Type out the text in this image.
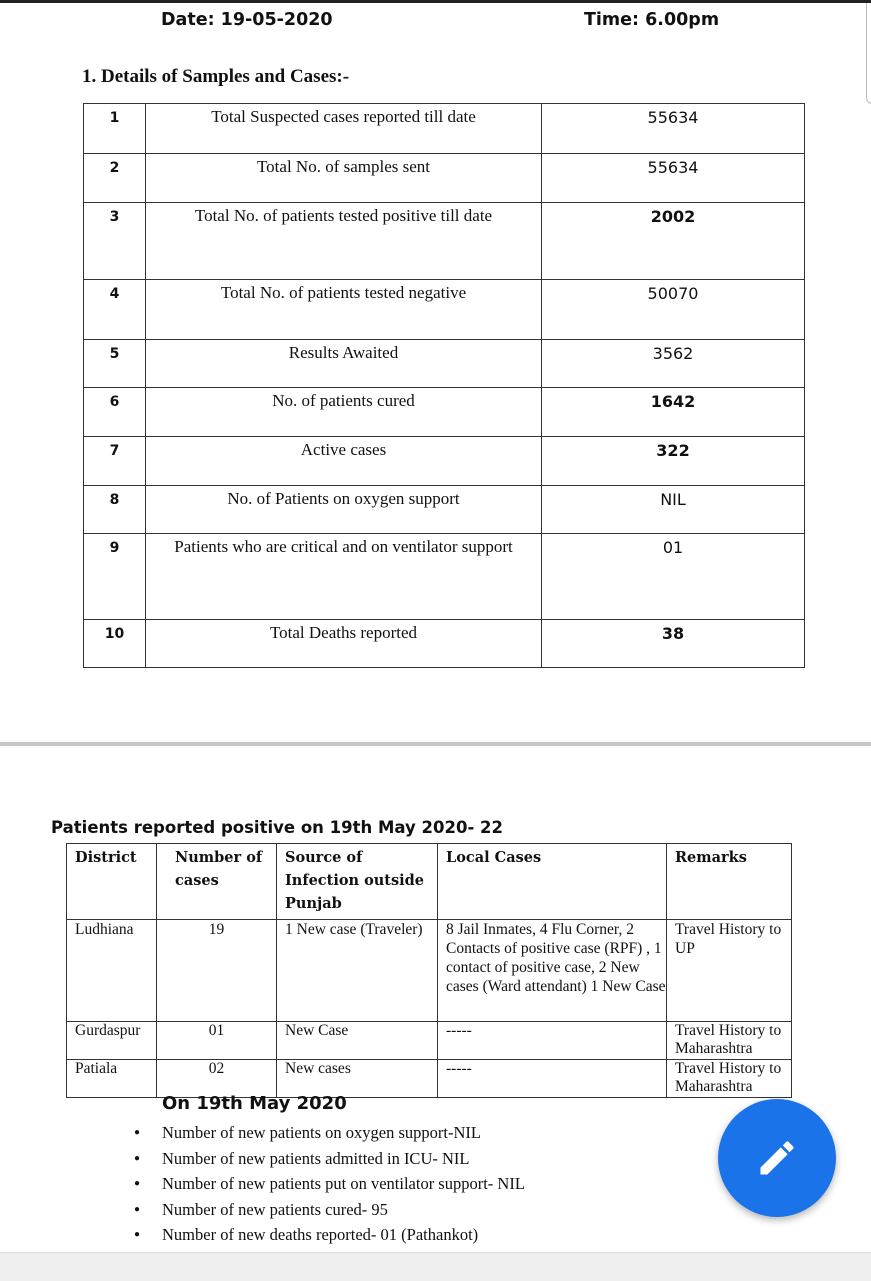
Date: 19-05-2020	Time: 6.00pm
1. Details of Samples and Cases:-
1	Total Suspected cases reported till date	55634
2	Total No. of samples sent	55634
3	Total No. of patients tested positive till date	2002
4	Total No. of patients tested negative	50070
5	Results Awaited	3562
6	No. of patients cured	1642
7	Active cases	322
8	No. of Patients on oxygen support	NIL
9	Patients who are critical and on ventilator support	01
10	Total Deaths reported	38
Patients reported positive on 19th May 2020- 22
District	Number of cases	Source of Infection outside Punjab	Local Cases	Remarks
Ludhiana	19	1 New case (Traveler)	8 Jail Inmates, 4 Flu Corner, 2 Contacts of positive case (RPF) , 1 contact of positive case, 2 New cases (Ward attendant) 1 New Case	Travel History to UP
Gurdaspur	01	New Case	-----	Travel History to Maharashtra
Patiala	02	New cases	-----	Travel History to Maharashtra
On 19th May 2020
● Number of new patients on oxygen support-NIL
● Number of new patients admitted in ICU- NIL
● Number of new patients put on ventilator support- NIL
● Number of new patients cured- 95
● Number of new deaths reported- 01 (Pathankot)
